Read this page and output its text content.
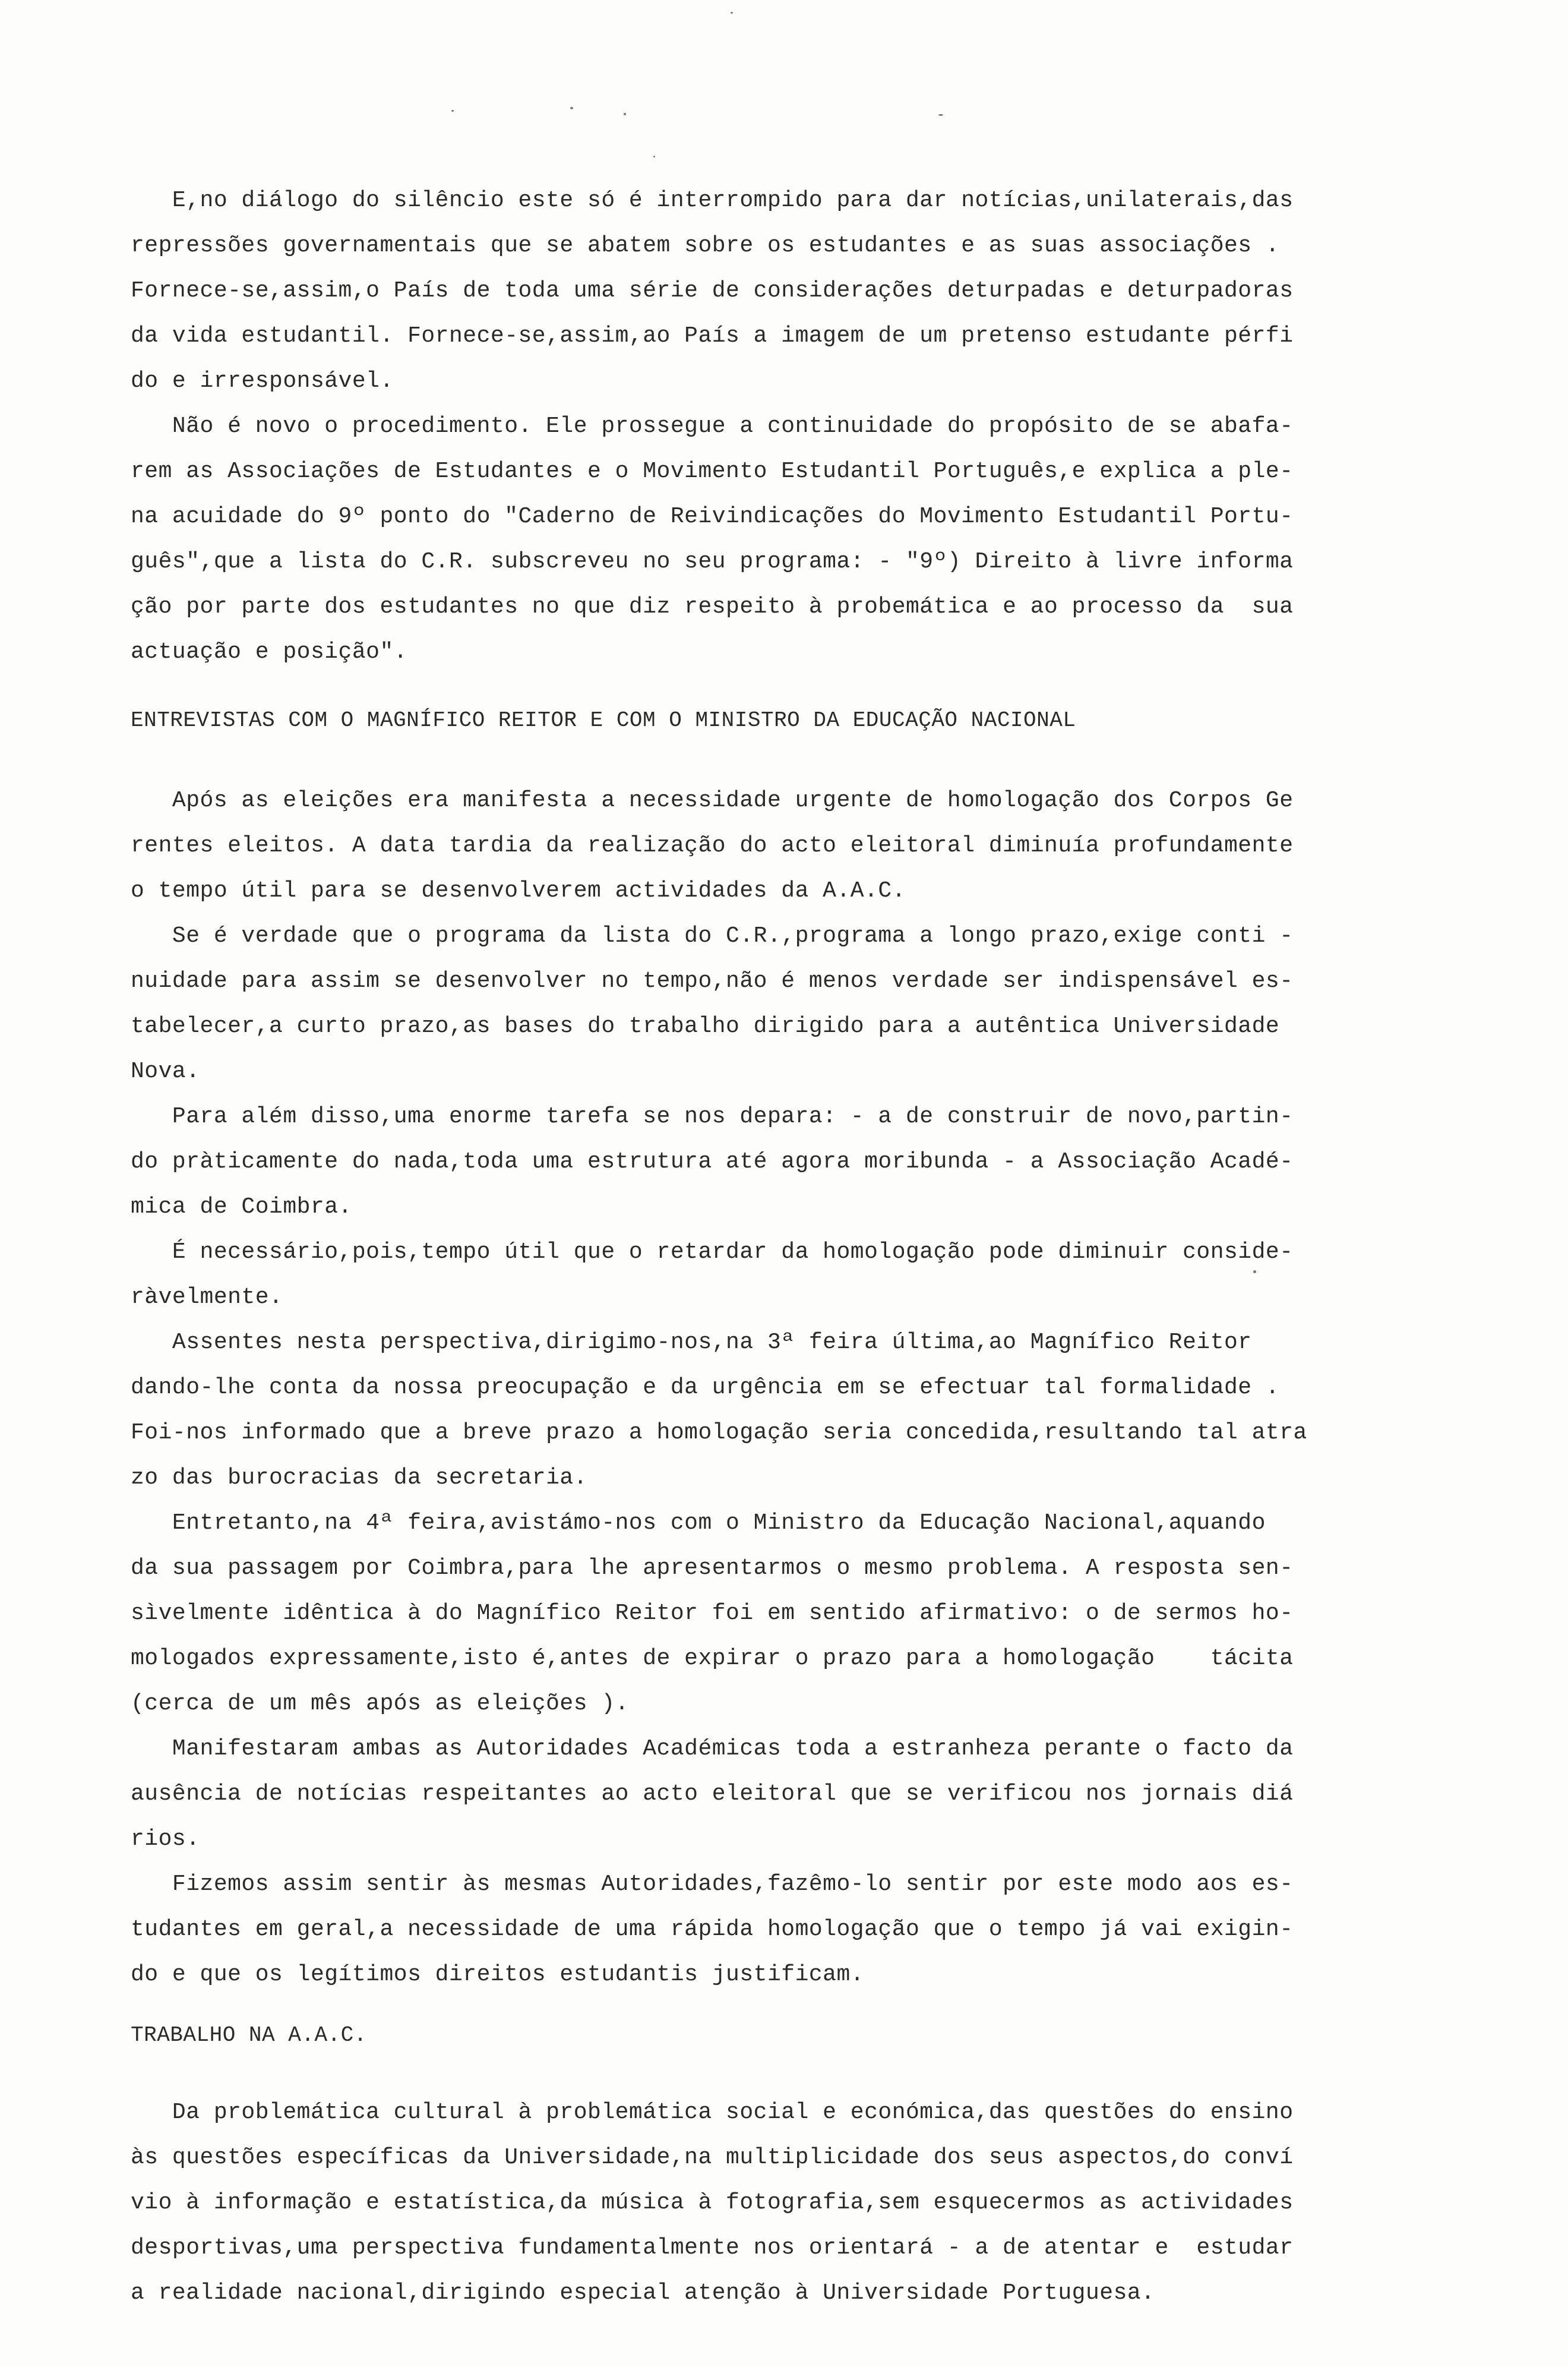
E,no diálogo do silêncio este só é interrompido para dar notícias,unilaterais,das
repressões governamentais que se abatem sobre os estudantes e as suas associações .
Fornece-se,assim,o País de toda uma série de considerações deturpadas e deturpadoras
da vida estudantil. Fornece-se,assim,ao País a imagem de um pretenso estudante pérfi
do e irresponsável.
Não é novo o procedimento. Ele prossegue a continuidade do propósito de se abafa-
rem as Associações de Estudantes e o Movimento Estudantil Português,e explica a ple-
na acuidade do 9º ponto do "Caderno de Reivindicações do Movimento Estudantil Portu-
guês",que a lista do C.R. subscreveu no seu programa: - "9º) Direito à livre informa
ção por parte dos estudantes no que diz respeito à probemática e ao processo da  sua
actuação e posição".
ENTREVISTAS COM O MAGNÍFICO REITOR E COM O MINISTRO DA EDUCAÇÃO NACIONAL
Após as eleições era manifesta a necessidade urgente de homologação dos Corpos Ge
rentes eleitos. A data tardia da realização do acto eleitoral diminuía profundamente
o tempo útil para se desenvolverem actividades da A.A.C.
Se é verdade que o programa da lista do C.R.,programa a longo prazo,exige conti -
nuidade para assim se desenvolver no tempo,não é menos verdade ser indispensável es-
tabelecer,a curto prazo,as bases do trabalho dirigido para a autêntica Universidade
Nova.
Para além disso,uma enorme tarefa se nos depara: - a de construir de novo,partin-
do pràticamente do nada,toda uma estrutura até agora moribunda - a Associação Acadé-
mica de Coimbra.
É necessário,pois,tempo útil que o retardar da homologação pode diminuir conside-
ràvelmente.
Assentes nesta perspectiva,dirigimo-nos,na 3ª feira última,ao Magnífico Reitor
dando-lhe conta da nossa preocupação e da urgência em se efectuar tal formalidade .
Foi-nos informado que a breve prazo a homologação seria concedida,resultando tal atra
zo das burocracias da secretaria.
Entretanto,na 4ª feira,avistámo-nos com o Ministro da Educação Nacional,aquando
da sua passagem por Coimbra,para lhe apresentarmos o mesmo problema. A resposta sen-
sìvelmente idêntica à do Magnífico Reitor foi em sentido afirmativo: o de sermos ho-
mologados expressamente,isto é,antes de expirar o prazo para a homologação    tácita
(cerca de um mês após as eleições ).
Manifestaram ambas as Autoridades Académicas toda a estranheza perante o facto da
ausência de notícias respeitantes ao acto eleitoral que se verificou nos jornais diá
rios.
Fizemos assim sentir às mesmas Autoridades,fazêmo-lo sentir por este modo aos es-
tudantes em geral,a necessidade de uma rápida homologação que o tempo já vai exigin-
do e que os legítimos direitos estudantis justificam.
TRABALHO NA A.A.C.
Da problemática cultural à problemática social e económica,das questões do ensino
às questões específicas da Universidade,na multiplicidade dos seus aspectos,do conví
vio à informação e estatística,da música à fotografia,sem esquecermos as actividades
desportivas,uma perspectiva fundamentalmente nos orientará - a de atentar e  estudar
a realidade nacional,dirigindo especial atenção à Universidade Portuguesa.
